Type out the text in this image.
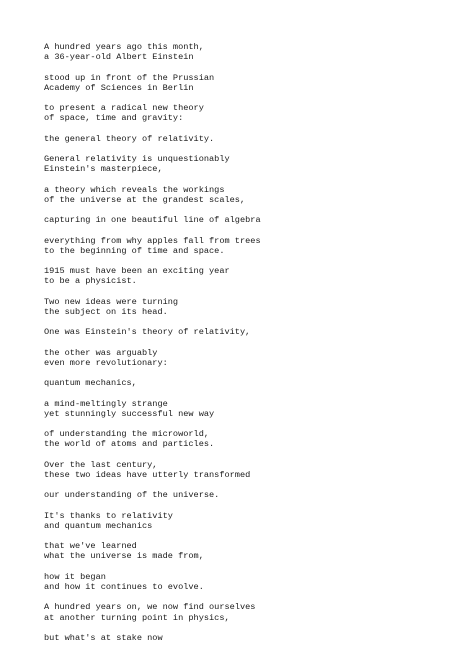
A hundred years ago this month,
a 36-year-old Albert Einstein
stood up in front of the Prussian
Academy of Sciences in Berlin
to present a radical new theory
of space, time and gravity:
the general theory of relativity.
General relativity is unquestionably
Einstein's masterpiece,
a theory which reveals the workings
of the universe at the grandest scales,
capturing in one beautiful line of algebra
everything from why apples fall from trees
to the beginning of time and space.
1915 must have been an exciting year
to be a physicist.
Two new ideas were turning
the subject on its head.
One was Einstein's theory of relativity,
the other was arguably
even more revolutionary:
quantum mechanics,
a mind-meltingly strange
yet stunningly successful new way
of understanding the microworld,
the world of atoms and particles.
Over the last century,
these two ideas have utterly transformed
our understanding of the universe.
It's thanks to relativity
and quantum mechanics
that we've learned
what the universe is made from,
how it began
and how it continues to evolve.
A hundred years on, we now find ourselves
at another turning point in physics,
but what's at stake now
